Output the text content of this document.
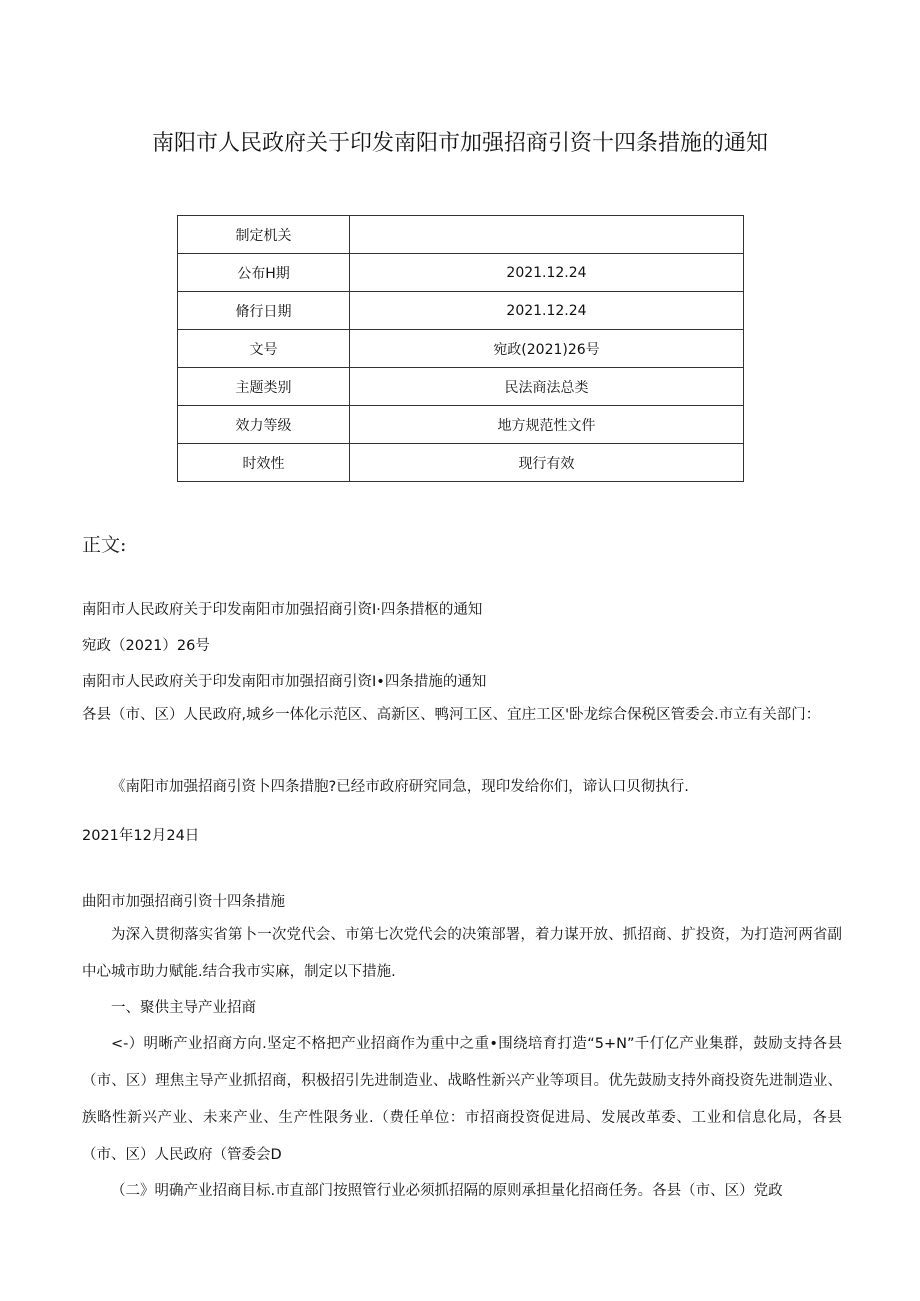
南阳市人民政府关于印发南阳市加强招商引资十四条措施的通知
制定机关	
公布H期	2021.12.24
脩行日期	2021.12.24
文号	宛政(2021)26号
主题类别	民法商法总类
效力等级	地方规范性文件
时效性	现行有效
正文:
南阳市人民政府关于印发南阳市加强招商引资I·四条措枢的通知
宛政（2021）26号
南阳市人民政府关于印发南阳市加强招商引资I•四条措施的通知
各县（市、区）人民政府,城乡一体化示范区、高新区、鸭河工区、宜庄工区'卧龙综合保税区管委会.市立有关部门：
《南阳市加强招商引资卜四条措胞?已经市政府研究同急，现印发给你们，谛认口贝彻执行.
2021年12月24日
曲阳市加强招商引资十四条措施
为深入贯彻落实省第卜一次党代会、市第七次党代会的决策部署，着力谋开放、抓招商、扩投资，为打造河两省副中心城市助力赋能.结合我市实麻，制定以下措施.
一、聚供主导产业招商
<-）明晰产业招商方向.坚定不格把产业招商作为重中之重•围绕培育打造“5+N”千仃亿产业集群，鼓励支持各县（市、区）理焦主导产业抓招商，积极招引先进制造业、战略性新兴产业等项目。优先鼓励支持外商投资先进制造业、族略性新兴产业、未来产业、生产性限务业.（费任单位：市招商投资促进局、发展改革委、工业和信息化局，各县（市、区）人民政府（管委会D
（二》明确产业招商目标.市直部门按照管行业必须抓招隔的原则承担量化招商任务。各县（市、区）党政
